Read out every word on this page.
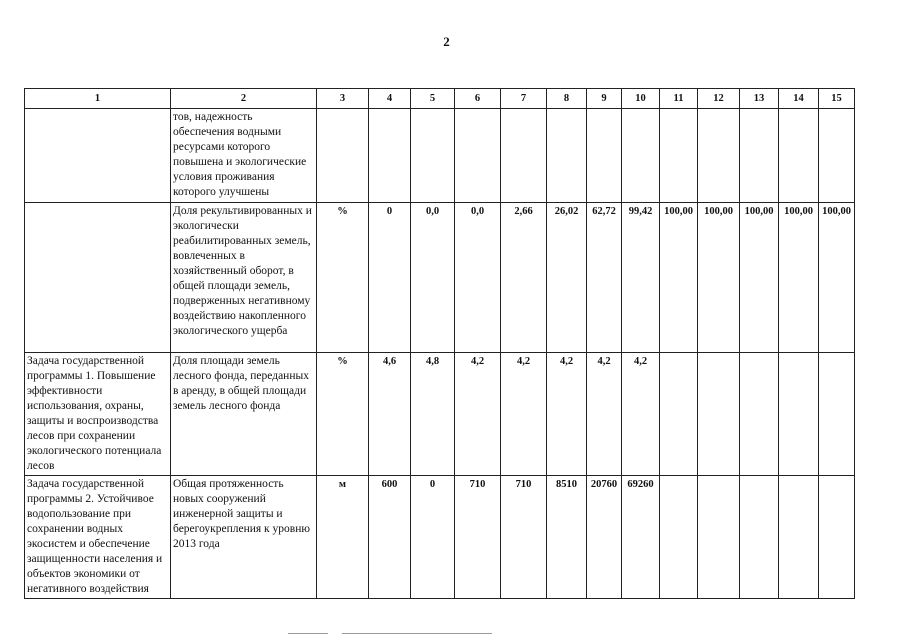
2
1	2	3	4	5	6	7	8	9	10	11	12	13	14	15
	тов, надежность обеспечения водными ресурсами которого повышена и экологические условия проживания которого улучшены													
	Доля рекультивированных и экологически реабилитированных земель, вовлеченных в хозяйственный оборот, в общей площади земель, подверженных негативному воздействию накопленного экологического ущерба	%	0	0,0	0,0	2,66	26,02	62,72	99,42	100,00	100,00	100,00	100,00	100,00
Задача государственной программы 1. Повышение эффективности использования, охраны, защиты и воспроизводства лесов при сохранении экологического потенциала лесов	Доля площади земель лесного фонда, переданных в аренду, в общей площади земель лесного фонда	%	4,6	4,8	4,2	4,2	4,2	4,2	4,2					
Задача государственной программы 2. Устойчивое водопользование при сохранении водных экосистем и обеспечение защищенности населения и объектов экономики от негативного воздействия	Общая протяженность новых сооружений инженерной защиты и берегоукрепления к уровню 2013 года	м	600	0	710	710	8510	20760	69260					
